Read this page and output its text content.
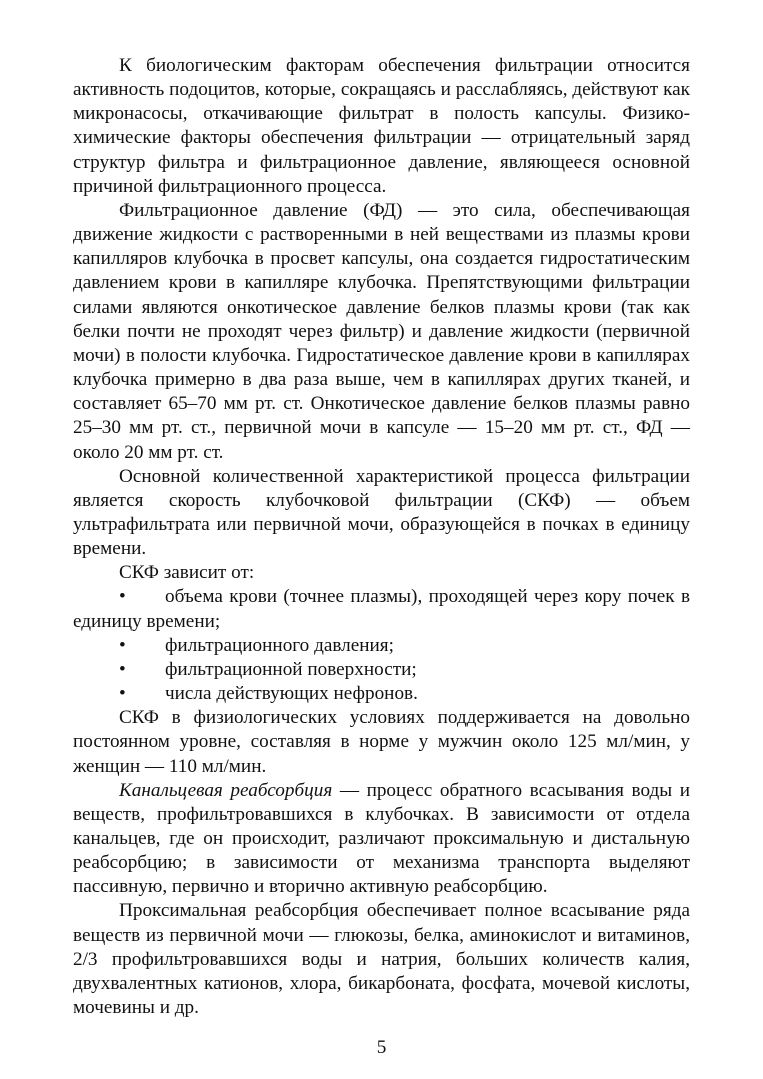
К биологическим факторам обеспечения фильтрации относится активность подоцитов, которые, сокращаясь и расслабляясь, действуют как микронасосы, откачивающие фильтрат в полость капсулы. Физико-химические факторы обеспечения фильтрации — отрицательный заряд структур фильтра и фильтрационное давление, являющееся основной причиной фильтрационного процесса.

Фильтрационное давление (ФД) — это сила, обеспечивающая движение жидкости с растворенными в ней веществами из плазмы крови капилляров клубочка в просвет капсулы, она создается гидростатическим давлением крови в капилляре клубочка. Препятствующими фильтрации силами являются онкотическое давление белков плазмы крови (так как белки почти не проходят через фильтр) и давление жидкости (первичной мочи) в полости клубочка. Гидростатическое давление крови в капиллярах клубочка примерно в два раза выше, чем в капиллярах других тканей, и составляет 65–70 мм рт. ст. Онкотическое давление белков плазмы равно 25–30 мм рт. ст., первичной мочи в капсуле — 15–20 мм рт. ст., ФД — около 20 мм рт. ст.

Основной количественной характеристикой процесса фильтрации является скорость клубочковой фильтрации (СКФ) — объем ультрафильтрата или первичной мочи, образующейся в почках в единицу времени.

СКФ зависит от:

• объема крови (точнее плазмы), проходящей через кору почек в единицу времени;

•	фильтрационного давления;
•	фильтрационной поверхности;
•	числа действующих нефронов.

СКФ в физиологических условиях поддерживается на довольно постоянном уровне, составляя в норме у мужчин около 125 мл/мин, у женщин — 110 мл/мин.

Канальцевая реабсорбция — процесс обратного всасывания воды и веществ, профильтровавшихся в клубочках. В зависимости от отдела канальцев, где он происходит, различают проксимальную и дистальную реабсорбцию; в зависимости от механизма транспорта выделяют пассивную, первично и вторично активную реабсорбцию.

Проксимальная реабсорбция обеспечивает полное всасывание ряда веществ из первичной мочи — глюкозы, белка, аминокислот и витаминов, 2/3 профильтровавшихся воды и натрия, больших количеств калия, двухвалентных катионов, хлора, бикарбоната, фосфата, мочевой кислоты, мочевины и др.

5
